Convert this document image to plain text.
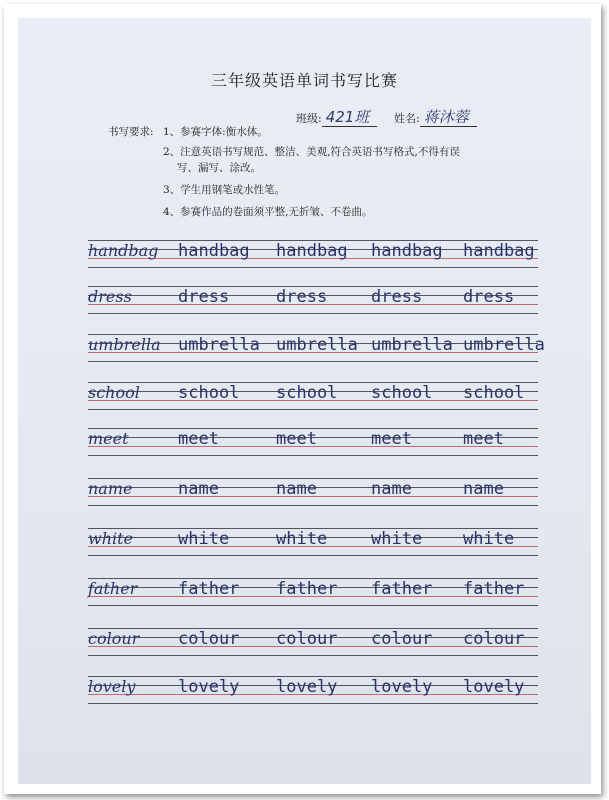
三年级英语单词书写比赛
班级: 421班	姓名: 蒋沐蓉
书写要求: 1、参赛字体:衡水体。
2、注意英语书写规范、整洁、美观,符合英语书写格式,不得有误
写、漏写、涂改。
3、学生用钢笔或水性笔。
4、参赛作品的卷面须平整,无折皱、不卷曲。
handbag handbag handbag handbag handbag
dress	dress	dress	dress dress
umbrella umbrella umbrella umbrella umbrella
school school school school school
meet	meet	meet	meet	meet
name	name	name	name	name
white	white	white	white white
father father father father father
colour colour colour colour colour
lovely	lovely lovely lovely lovely
